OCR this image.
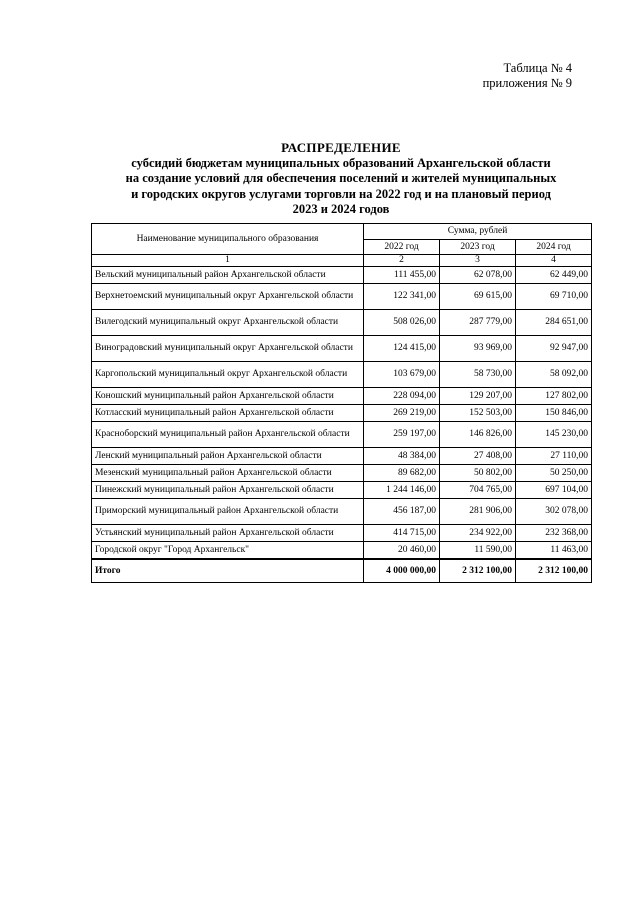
Таблица № 4
приложения № 9
РАСПРЕДЕЛЕНИЕ
субсидий бюджетам муниципальных образований Архангельской области
на создание условий для обеспечения поселений и жителей муниципальных
и городских округов услугами торговли на 2022 год и на плановый период
2023 и 2024 годов
Наименование муниципального образования	Сумма, рублей		
	2022 год	2023 год	2024 год
1	2	3	4
Вельский муниципальный район Архангельской области	111 455,00	62 078,00	62 449,00
Верхнетоемский муниципальный округ Архангельской области	122 341,00	69 615,00	69 710,00
Вилегодский муниципальный округ Архангельской области	508 026,00	287 779,00	284 651,00
Виноградовский муниципальный округ Архангельской области	124 415,00	93 969,00	92 947,00
Каргопольский муниципальный округ Архангельской области	103 679,00	58 730,00	58 092,00
Коношский муниципальный район Архангельской области	228 094,00	129 207,00	127 802,00
Котласский муниципальный район Архангельской области	269 219,00	152 503,00	150 846,00
Красноборский муниципальный район Архангельской области	259 197,00	146 826,00	145 230,00
Ленский муниципальный район Архангельской области	48 384,00	27 408,00	27 110,00
Мезенский муниципальный район Архангельской области	89 682,00	50 802,00	50 250,00
Пинежский муниципальный район Архангельской области	1 244 146,00	704 765,00	697 104,00
Приморский муниципальный район Архангельской области	456 187,00	281 906,00	302 078,00
Устьянский муниципальный район Архангельской области	414 715,00	234 922,00	232 368,00
Городской округ "Город Архангельск"	20 460,00	11 590,00	11 463,00
Итого	4 000 000,00	2 312 100,00	2 312 100,00
